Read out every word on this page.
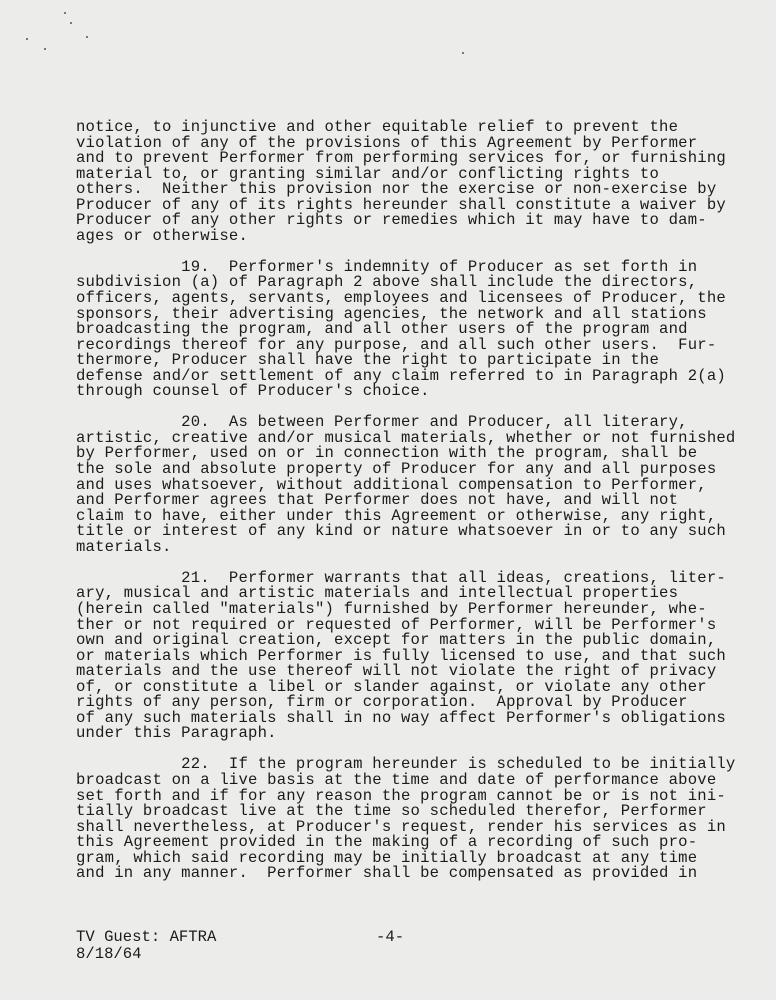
notice, to injunctive and other equitable relief to prevent the
violation of any of the provisions of this Agreement by Performer
and to prevent Performer from performing services for, or furnishing
material to, or granting similar and/or conflicting rights to
others.  Neither this provision nor the exercise or non-exercise by
Producer of any of its rights hereunder shall constitute a waiver by
Producer of any other rights or remedies which it may have to dam-
ages or otherwise.
19.  Performer's indemnity of Producer as set forth in
subdivision (a) of Paragraph 2 above shall include the directors,
officers, agents, servants, employees and licensees of Producer, the
sponsors, their advertising agencies, the network and all stations
broadcasting the program, and all other users of the program and
recordings thereof for any purpose, and all such other users.  Fur-
thermore, Producer shall have the right to participate in the
defense and/or settlement of any claim referred to in Paragraph 2(a)
through counsel of Producer's choice.
20.  As between Performer and Producer, all literary,
artistic, creative and/or musical materials, whether or not furnished
by Performer, used on or in connection with the program, shall be
the sole and absolute property of Producer for any and all purposes
and uses whatsoever, without additional compensation to Performer,
and Performer agrees that Performer does not have, and will not
claim to have, either under this Agreement or otherwise, any right,
title or interest of any kind or nature whatsoever in or to any such
materials.
21.  Performer warrants that all ideas, creations, liter-
ary, musical and artistic materials and intellectual properties
(herein called "materials") furnished by Performer hereunder, whe-
ther or not required or requested of Performer, will be Performer's
own and original creation, except for matters in the public domain,
or materials which Performer is fully licensed to use, and that such
materials and the use thereof will not violate the right of privacy
of, or constitute a libel or slander against, or violate any other
rights of any person, firm or corporation.  Approval by Producer
of any such materials shall in no way affect Performer's obligations
under this Paragraph.
22.  If the program hereunder is scheduled to be initially
broadcast on a live basis at the time and date of performance above
set forth and if for any reason the program cannot be or is not ini-
tially broadcast live at the time so scheduled therefor, Performer
shall nevertheless, at Producer's request, render his services as in
this Agreement provided in the making of a recording of such pro-
gram, which said recording may be initially broadcast at any time
and in any manner.  Performer shall be compensated as provided in
TV Guest: AFTRA
8/18/64
-4-
